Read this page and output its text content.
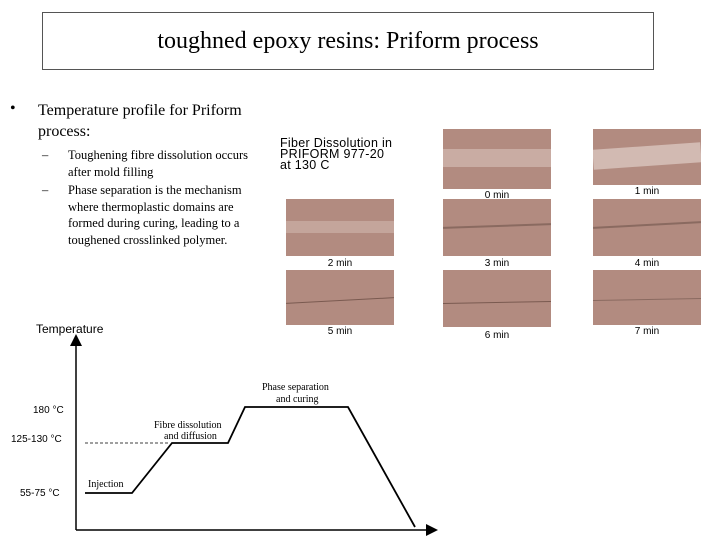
toughned epoxy resins: Priform process
• Temperature profile for Priform process:
– Toughening fibre dissolution occurs after mold filling
– Phase separation is the mechanism where thermoplastic domains are formed during curing, leading to a toughened crosslinked polymer.
Fiber Dissolution in
PRIFORM 977-20
at 130 C
0 min	1 min
2 min	3 min	4 min
5 min	6 min	7 min
Temperature
180 °C
125-130 °C
55-75 °C
Injection
Fibre dissolution
and diffusion
Phase separation
and curing
